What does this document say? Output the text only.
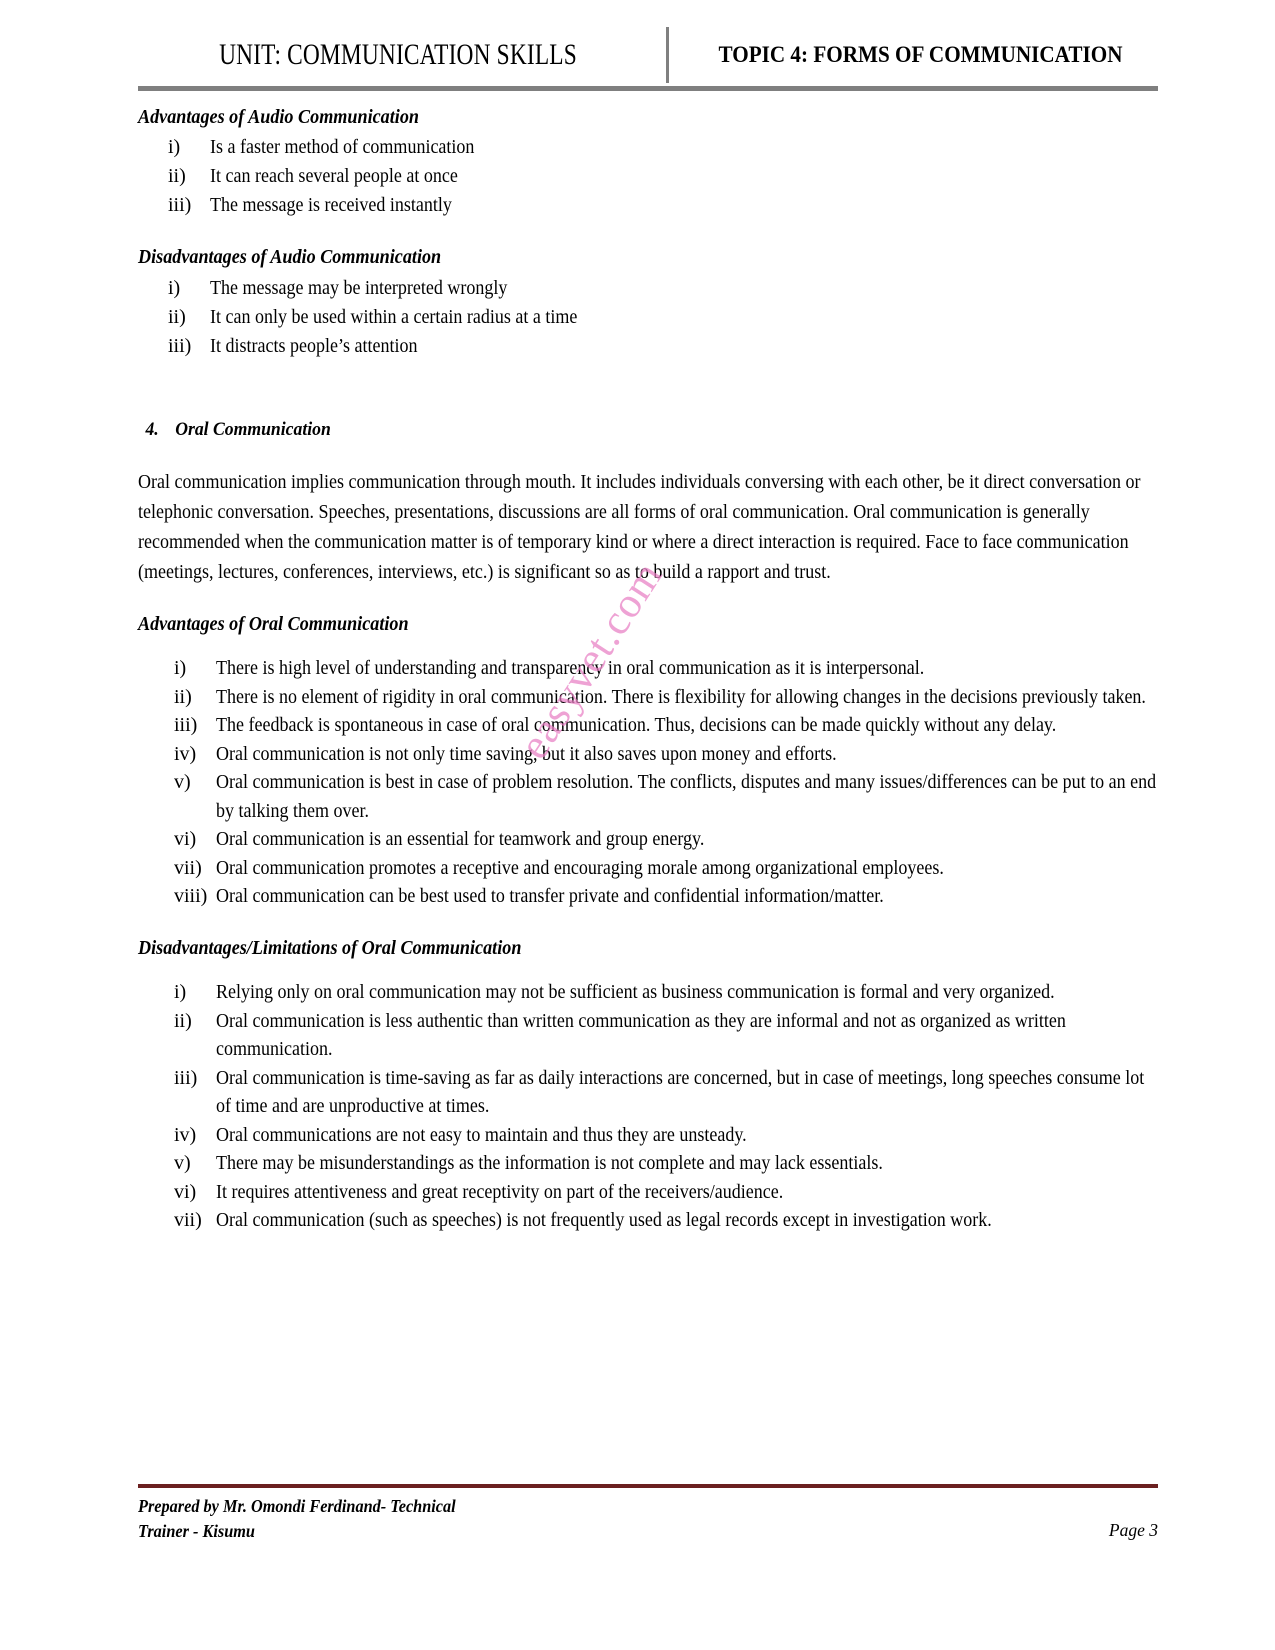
UNIT: COMMUNICATION SKILLS	TOPIC 4: FORMS OF COMMUNICATION
easyvet.com
Advantages of Audio Communication
i)	Is a faster method of communication
ii)	It can reach several people at once
iii) The message is received instantly
Disadvantages of Audio Communication
i)	The message may be interpreted wrongly
ii)	It can only be used within a certain radius at a time
iii) It distracts people’s attention
4. Oral Communication

Oral communication implies communication through mouth. It includes individuals conversing with each other, be it direct conversation or telephonic conversation. Speeches, presentations, discussions are all forms of oral communication. Oral communication is generally recommended when the communication matter is of temporary kind or where a direct interaction is required. Face to face communication (meetings, lectures, conferences, interviews, etc.) is significant so as to build a rapport and trust.

Advantages of Oral Communication
i)	There is high level of understanding and transparency in oral communication as it is interpersonal.
ii)	There is no element of rigidity in oral communication. There is flexibility for allowing changes in the decisions previously taken.
iii) The feedback is spontaneous in case of oral communication. Thus, decisions can be made quickly without any delay.
iv) Oral communication is not only time saving, but it also saves upon money and efforts.
v)	Oral communication is best in case of problem resolution. The conflicts, disputes and many issues/differences can be put to an end by talking them over.
vi) Oral communication is an essential for teamwork and group energy.
vii) Oral communication promotes a receptive and encouraging morale among organizational employees.
viii) Oral communication can be best used to transfer private and confidential information/matter.
Disadvantages/Limitations of Oral Communication
i)	Relying only on oral communication may not be sufficient as business communication is formal and very organized.
ii)	Oral communication is less authentic than written communication as they are informal and not as organized as written communication.
iii) Oral communication is time-saving as far as daily interactions are concerned, but in case of meetings, long speeches consume lot of time and are unproductive at times.
iv) Oral communications are not easy to maintain and thus they are unsteady.
v)	There may be misunderstandings as the information is not complete and may lack essentials.
vi) It requires attentiveness and great receptivity on part of the receivers/audience.
vii) Oral communication (such as speeches) is not frequently used as legal records except in investigation work.
Prepared by Mr. Omondi Ferdinand- Technical
Trainer - Kisumu	Page 3
